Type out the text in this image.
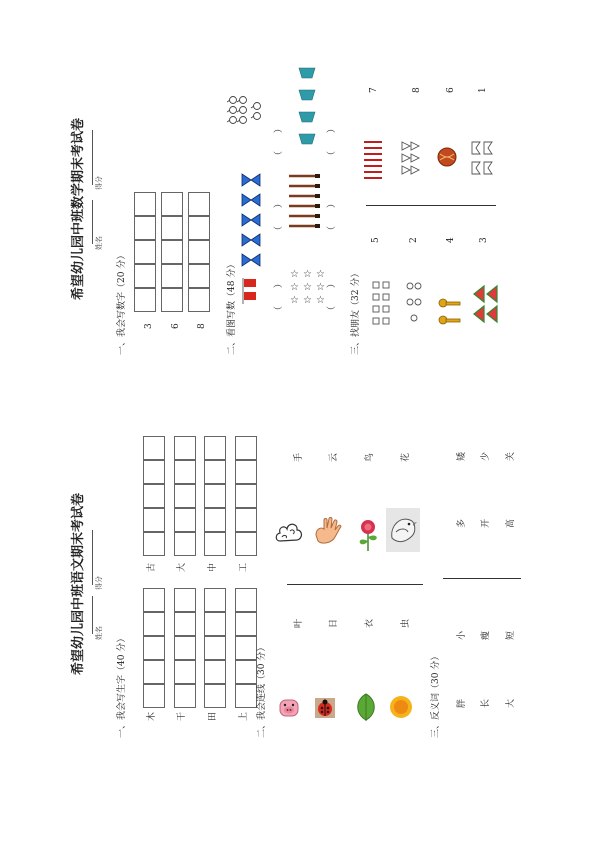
希望幼儿园中班语文期末考试卷 姓名
得分
一、我会写生字（40 分） 木 干 田 上
古 大 中 工
二、我会连线（30 分）
叶	日	衣	虫
手	云	鸟	花
三、反义词（30 分） 胖 长 大
小 瘦 短
多 开 高
矮 少 关
希望幼儿园中班数学期末考试卷 姓名
得分
一、我会写数字（20 分） 3 6 8 二、看图写数（48 分）	☆
☆
☆
☆
☆
☆
☆
☆
☆
（　　）
（　　）
（　　）
（　　）
（　　）
（　　）
三、找朋友（32 分）
5	2	4	3
7	8	6 1
